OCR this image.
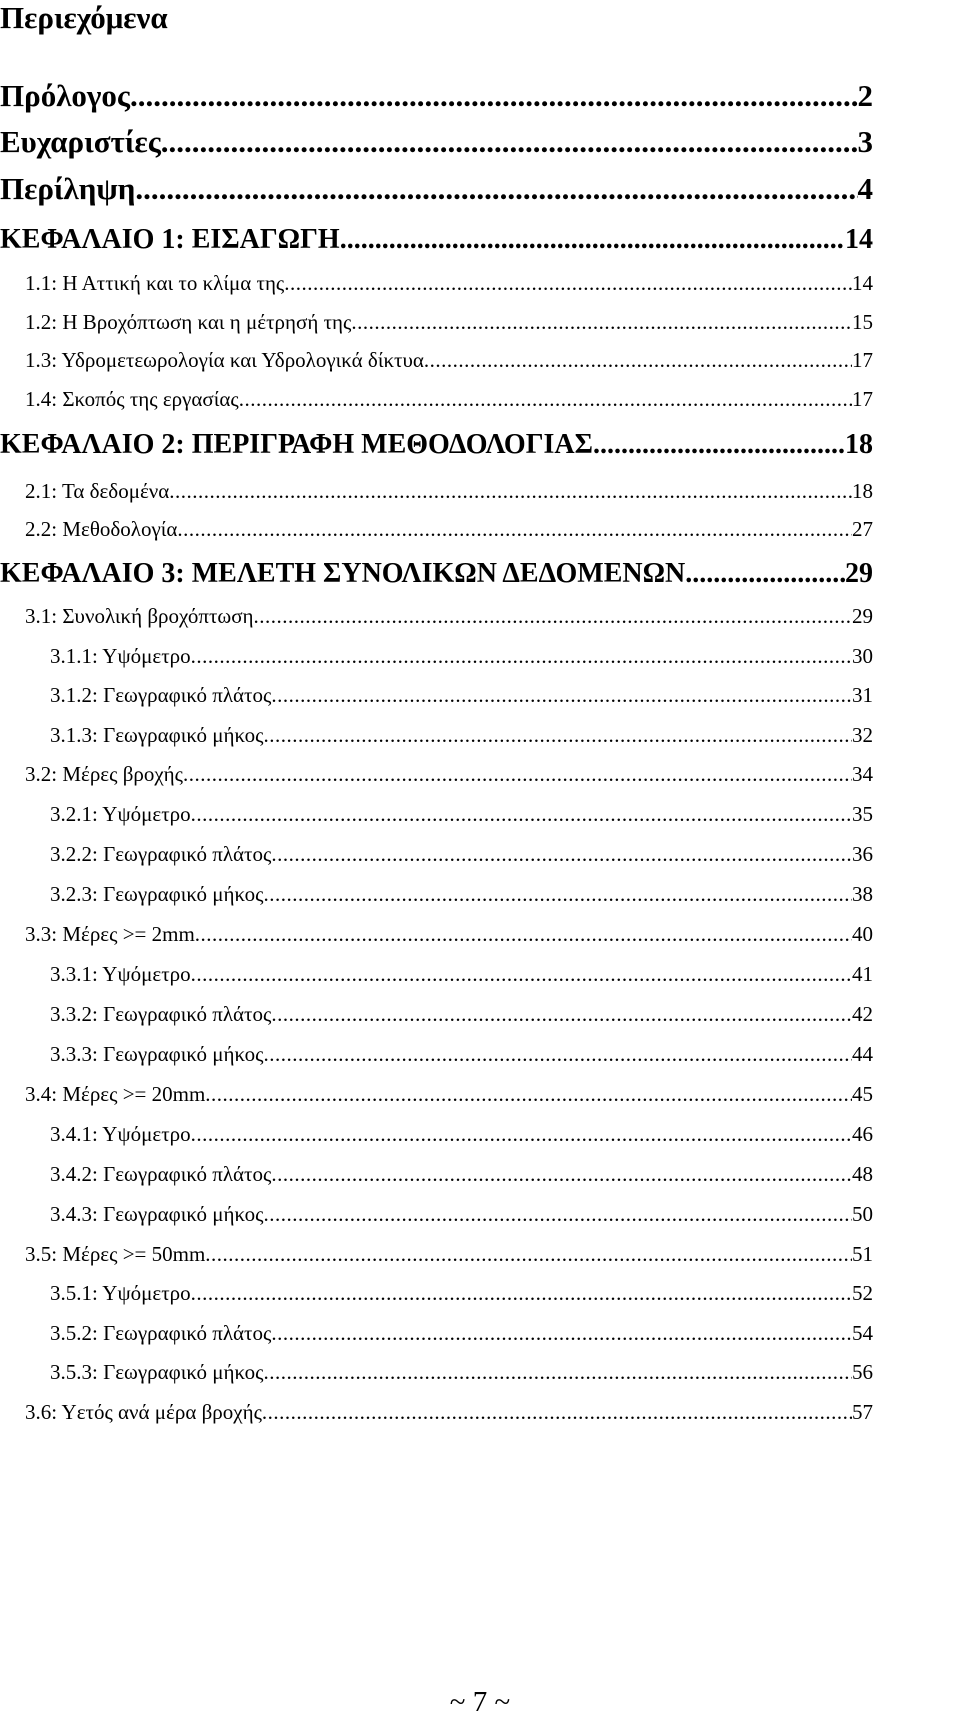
Περιεχόμενα
Πρόλογος .....	2
Ευχαριστίες .....	3
Περίληψη .....	4
ΚΕΦΑΛΑΙΟ 1: ΕΙΣΑΓΩΓΗ .....	14
1.1: Η Αττική και το κλίμα της .....	14
1.2: Η Βροχόπτωση και η μέτρησή της .....	15
1.3: Υδρομετεωρολογία και Υδρολογικά δίκτυα .....	17
1.4: Σκοπός της εργασίας .....	17
ΚΕΦΑΛΑΙΟ 2: ΠΕΡΙΓΡΑΦΗ ΜΕΘΟΔΟΛΟΓΙΑΣ .....	18
2.1: Τα δεδομένα .....	18
2.2: Μεθοδολογία .....	27
ΚΕΦΑΛΑΙΟ 3: ΜΕΛΕΤΗ ΣΥΝΟΛΙΚΩΝ ΔΕΔΟΜΕΝΩΝ .....	29
3.1: Συνολική βροχόπτωση .....	29
3.1.1: Υψόμετρο .....	30
3.1.2: Γεωγραφικό πλάτος .....	31
3.1.3: Γεωγραφικό μήκος .....	32
3.2: Μέρες βροχής .....	34
3.2.1: Υψόμετρο .....	35
3.2.2: Γεωγραφικό πλάτος .....	36
3.2.3: Γεωγραφικό μήκος .....	38
3.3: Μέρες >= 2mm .....	40
3.3.1: Υψόμετρο .....	41
3.3.2: Γεωγραφικό πλάτος .....	42
3.3.3: Γεωγραφικό μήκος .....	44
3.4: Μέρες >= 20mm .....	45
3.4.1: Υψόμετρο .....	46
3.4.2: Γεωγραφικό πλάτος .....	48
3.4.3: Γεωγραφικό μήκος .....	50
3.5: Μέρες >= 50mm .....	51
3.5.1: Υψόμετρο .....	52
3.5.2: Γεωγραφικό πλάτος .....	54
3.5.3: Γεωγραφικό μήκος .....	56
3.6: Υετός ανά μέρα βροχής .....	57
~ 7 ~
